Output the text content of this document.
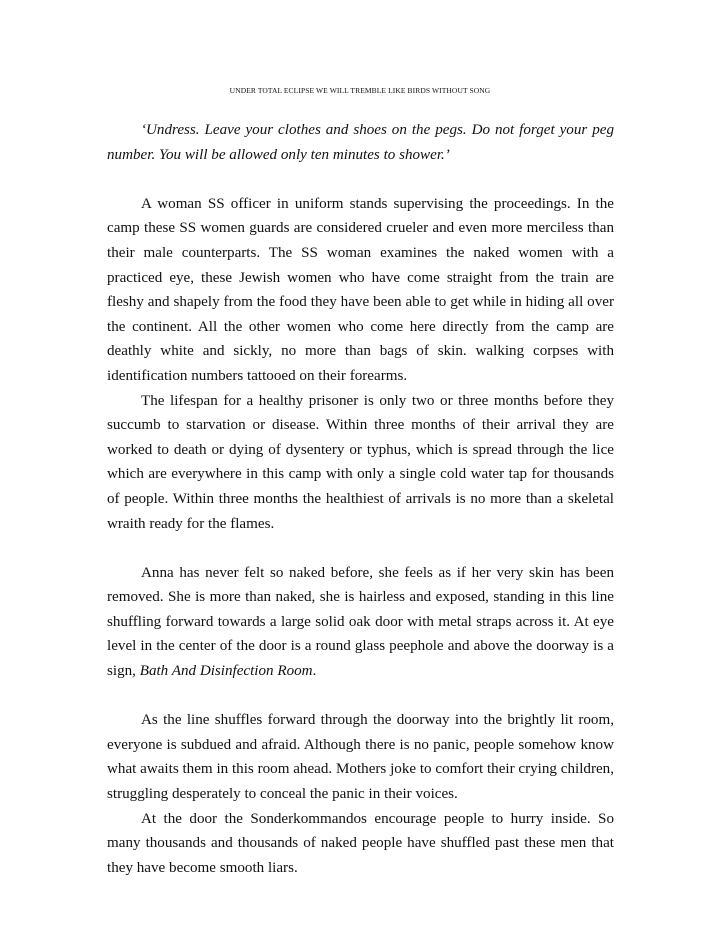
UNDER TOTAL ECLIPSE WE WILL TREMBLE LIKE BIRDS WITHOUT SONG

‘Undress. Leave your clothes and shoes on the pegs. Do not forget your peg number. You will be allowed only ten minutes to shower.’

A woman SS officer in uniform stands supervising the proceedings. In the camp these SS women guards are considered crueler and even more merciless than their male counterparts. The SS woman examines the naked women with a practiced eye, these Jewish women who have come straight from the train are fleshy and shapely from the food they have been able to get while in hiding all over the continent. All the other women who come here directly from the camp are deathly white and sickly, no more than bags of skin. walking corpses with identification numbers tattooed on their forearms.

The lifespan for a healthy prisoner is only two or three months before they succumb to starvation or disease. Within three months of their arrival they are worked to death or dying of dysentery or typhus, which is spread through the lice which are everywhere in this camp with only a single cold water tap for thousands of people. Within three months the healthiest of arrivals is no more than a skeletal wraith ready for the flames.

Anna has never felt so naked before, she feels as if her very skin has been removed. She is more than naked, she is hairless and exposed, standing in this line shuffling forward towards a large solid oak door with metal straps across it. At eye level in the center of the door is a round glass peephole and above the doorway is a sign, Bath And Disinfection Room.

As the line shuffles forward through the doorway into the brightly lit room, everyone is subdued and afraid. Although there is no panic, people somehow know what awaits them in this room ahead. Mothers joke to comfort their crying children, struggling desperately to conceal the panic in their voices.

At the door the Sonderkommandos encourage people to hurry inside. So many thousands and thousands of naked people have shuffled past these men that they have become smooth liars.
